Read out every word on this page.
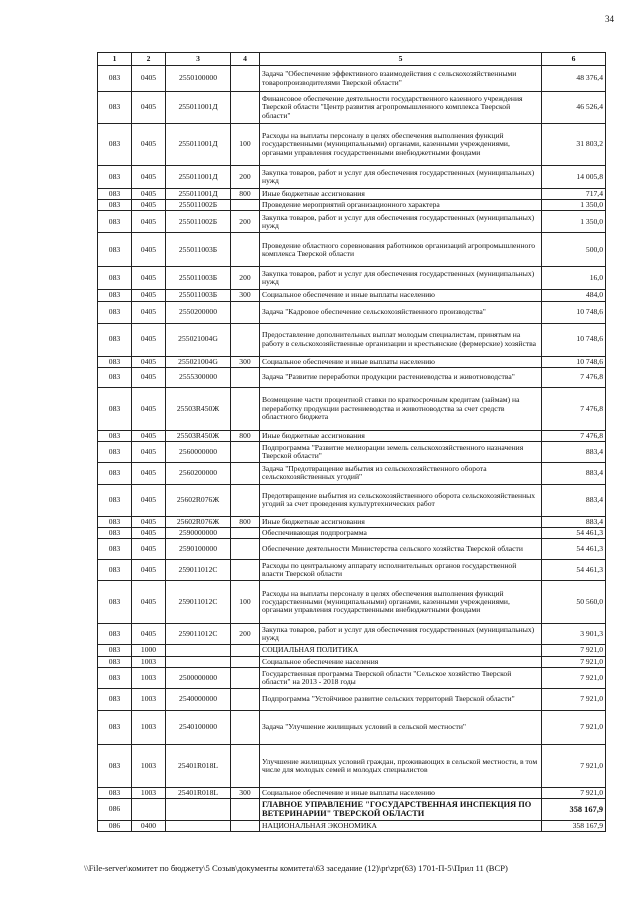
34
1	2	3	4	5	6
083	0405	2550100000		Задача "Обеспечение эффективного взаимодействия с сельскохозяйственными товаропроизводителями Тверской области"	48 376,4
083	0405	255011001Д		Финансовое обеспечение деятельности государственного казенного учреждения Тверской области "Центр развития агропромышленного комплекса Тверской области"	46 526,4
083	0405	255011001Д	100	Расходы на выплаты персоналу в целях обеспечения выполнения функций государственными (муниципальными) органами, казенными учреждениями, органами управления государственными внебюджетными фондами	31 803,2
083	0405	255011001Д	200	Закупка товаров, работ и услуг для обеспечения государственных (муниципальных) нужд	14 005,8
083	0405	255011001Д	800	Иные бюджетные ассигнования	717,4
083	0405	255011002Б		Проведение мероприятий организационного характера	1 350,0
083	0405	255011002Б	200	Закупка товаров, работ и услуг для обеспечения государственных (муниципальных) нужд	1 350,0
083	0405	255011003Б		Проведение областного соревнования работников организаций агропромышленного комплекса Тверской области	500,0
083	0405	255011003Б	200	Закупка товаров, работ и услуг для обеспечения государственных (муниципальных) нужд	16,0
083	0405	255011003Б	300	Социальное обеспечение и иные выплаты населению	484,0
083	0405	2550200000		Задача "Кадровое обеспечение сельскохозяйственного производства"	10 748,6
083	0405	255021004G		Предоставление дополнительных выплат молодым специалистам, принятым на работу в сельскохозяйственные организации и крестьянские (фермерские) хозяйства	10 748,6
083	0405	255021004G	300	Социальное обеспечение и иные выплаты населению	10 748,6
083	0405	2555300000		Задача "Развитие переработки продукции растениеводства и животноводства"	7 476,8
083	0405	25503R450Ж		Возмещение части процентной ставки по краткосрочным кредитам (займам) на переработку продукции растениеводства и животноводства за счет средств областного бюджета	7 476,8
083	0405	25503R450Ж	800	Иные бюджетные ассигнования	7 476,8
083	0405	2560000000		Подпрограмма "Развитие мелиорации земель сельскохозяйственного назначения Тверской области"	883,4
083	0405	2560200000		Задача "Предотвращение выбытия из сельскохозяйственного оборота сельскохозяйственных угодий"	883,4
083	0405	25602R076Ж		Предотвращение выбытия из сельскохозяйственного оборота сельскохозяйственных угодий за счет проведения культуртехнических работ	883,4
083	0405	25602R076Ж	800	Иные бюджетные ассигнования	883,4
083	0405	2590000000		Обеспечивающая подпрограмма	54 461,3
083	0405	2590100000		Обеспечение деятельности Министерства сельского хозяйства Тверской области	54 461,3
083	0405	259011012С		Расходы по центральному аппарату исполнительных органов государственной власти Тверской области	54 461,3
083	0405	259011012С	100	Расходы на выплаты персоналу в целях обеспечения выполнения функций государственными (муниципальными) органами, казенными учреждениями, органами управления государственными внебюджетными фондами	50 560,0
083	0405	259011012С	200	Закупка товаров, работ и услуг для обеспечения государственных (муниципальных) нужд	3 901,3
083	1000			СОЦИАЛЬНАЯ ПОЛИТИКА	7 921,0
083	1003			Социальное обеспечение населения	7 921,0
083	1003	2500000000		Государственная программа Тверской области "Сельское хозяйство Тверской области" на 2013 - 2018 годы	7 921,0
083	1003	2540000000		Подпрограмма "Устойчивое развитие сельских территорий Тверской области"	7 921,0
083	1003	2540100000		Задача "Улучшение жилищных условий в сельской местности"	7 921,0
083	1003	25401R018L		Улучшение жилищных условий граждан, проживающих в сельской местности, в том числе для молодых семей и молодых специалистов	7 921,0
083	1003	25401R018L	300	Социальное обеспечение и иные выплаты населению	7 921,0
086				ГЛАВНОЕ УПРАВЛЕНИЕ "ГОСУДАРСТВЕННАЯ ИНСПЕКЦИЯ ПО ВЕТЕРИНАРИИ" ТВЕРСКОЙ ОБЛАСТИ	358 167,9
086	0400			НАЦИОНАЛЬНАЯ ЭКОНОМИКА	358 167,9
\\File-server\комитет по бюджету\5 Созыв\документы комитета\63 заседание (12)\pr\zpr(63) 1701-П-5\Прил 11 (ВСР)
